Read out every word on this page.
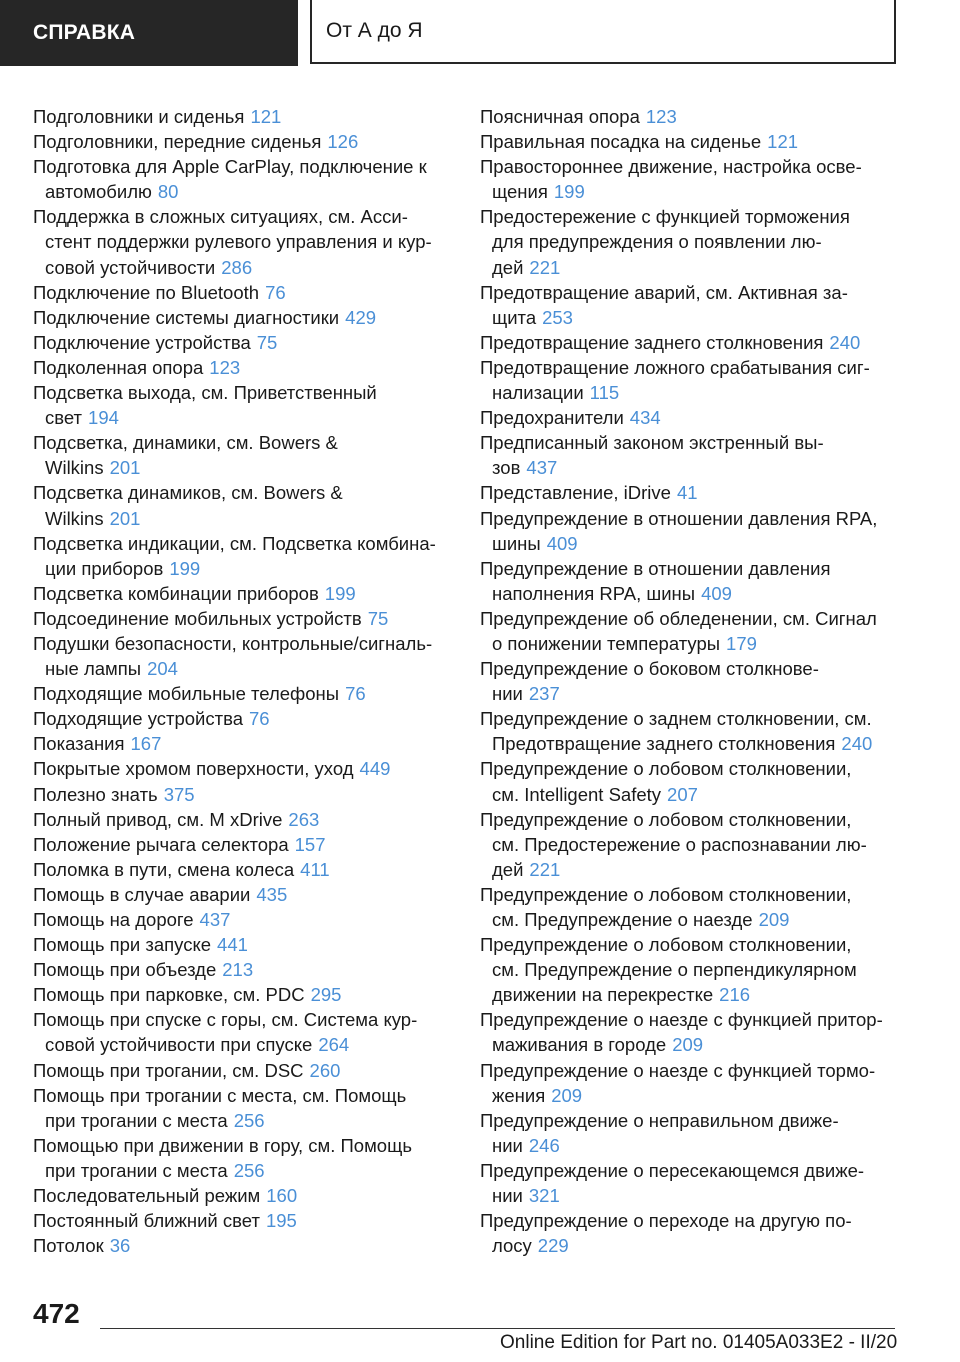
СПРАВКА	От А до Я
Подголовники и сиденья 121
Подголовники, передние сиденья 126
Подготовка для Apple CarPlay, подключение к
автомобилю 80
Поддержка в сложных ситуациях, см. Асси-
стент поддержки рулевого управления и кур-
совой устойчивости 286
Подключение по Bluetooth 76
Подключение системы диагностики 429
Подключение устройства 75
Подколенная опора 123
Подсветка выхода, см. Приветственный
свет 194
Подсветка, динамики, см. Bowers &
Wilkins 201
Подсветка динамиков, см. Bowers &
Wilkins 201
Подсветка индикации, см. Подсветка комбина-
ции приборов 199
Подсветка комбинации приборов 199
Подсоединение мобильных устройств 75
Подушки безопасности, контрольные/сигналь-
ные лампы 204
Подходящие мобильные телефоны 76
Подходящие устройства 76
Показания 167
Покрытые хромом поверхности, уход 449
Полезно знать 375
Полный привод, см. M xDrive 263
Положение рычага селектора 157
Поломка в пути, смена колеса 411
Помощь в случае аварии 435
Помощь на дороге 437
Помощь при запуске 441
Помощь при объезде 213
Помощь при парковке, см. PDC 295
Помощь при спуске с горы, см. Система кур-
совой устойчивости при спуске 264
Помощь при трогании, см. DSC 260
Помощь при трогании с места, см. Помощь
при трогании с места 256
Помощью при движении в гору, см. Помощь
при трогании с места 256
Последовательный режим 160
Постоянный ближний свет 195
Потолок 36
Поясничная опора 123
Правильная посадка на сиденье 121
Правостороннее движение, настройка осве-
щения 199
Предостережение с функцией торможения
для предупреждения о появлении лю-
дей 221
Предотвращение аварий, см. Активная за-
щита 253
Предотвращение заднего столкновения 240
Предотвращение ложного срабатывания сиг-
нализации 115
Предохранители 434
Предписанный законом экстренный вы-
зов 437
Представление, iDrive 41
Предупреждение в отношении давления RPA,
шины 409
Предупреждение в отношении давления
наполнения RPA, шины 409
Предупреждение об обледенении, см. Сигнал
о понижении температуры 179
Предупреждение о боковом столкнове-
нии 237
Предупреждение о заднем столкновении, см.
Предотвращение заднего столкновения 240
Предупреждение о лобовом столкновении,
см. Intelligent Safety 207
Предупреждение о лобовом столкновении,
см. Предостережение о распознавании лю-
дей 221
Предупреждение о лобовом столкновении,
см. Предупреждение о наезде 209
Предупреждение о лобовом столкновении,
см. Предупреждение о перпендикулярном
движении на перекрестке 216
Предупреждение о наезде с функцией притор-
маживания в городе 209
Предупреждение о наезде с функцией тормо-
жения 209
Предупреждение о неправильном движе-
нии 246
Предупреждение о пересекающемся движе-
нии 321
Предупреждение о переходе на другую по-
лосу 229
472
Online Edition for Part no. 01405A033E2 - II/20
